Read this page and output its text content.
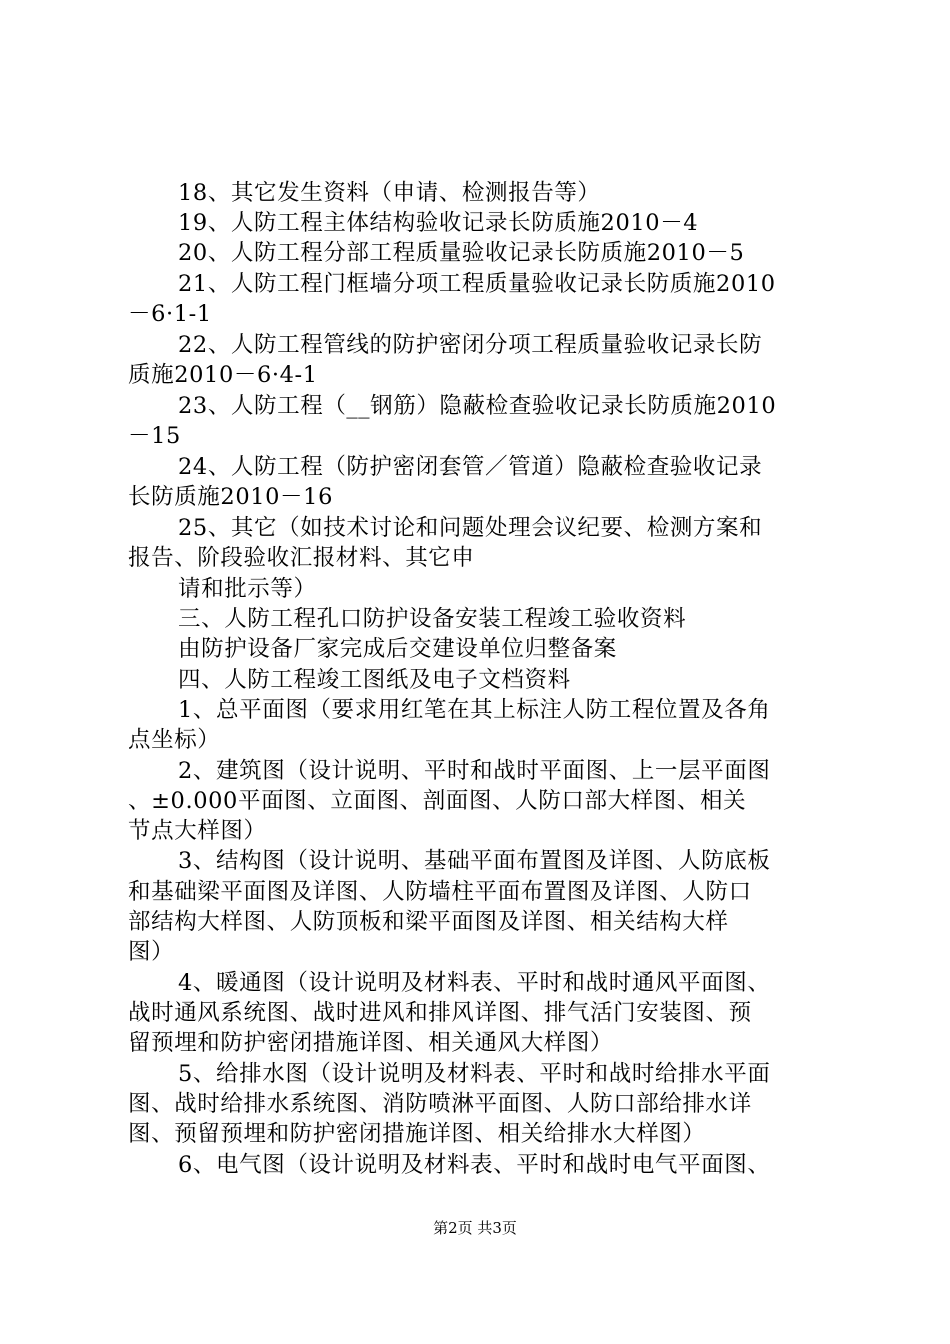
18、其它发生资料（申请、检测报告等）
19、人防工程主体结构验收记录长防质施2010－4
20、人防工程分部工程质量验收记录长防质施2010－5
21、人防工程门框墙分项工程质量验收记录长防质施2010
－6·1-1
22、人防工程管线的防护密闭分项工程质量验收记录长防
质施2010－6·4-1
23、人防工程（__钢筋）隐蔽检查验收记录长防质施2010
－15
24、人防工程（防护密闭套管／管道）隐蔽检查验收记录
长防质施2010－16
25、其它（如技术讨论和问题处理会议纪要、检测方案和
报告、阶段验收汇报材料、其它申
请和批示等）
三、人防工程孔口防护设备安装工程竣工验收资料
由防护设备厂家完成后交建设单位归整备案
四、人防工程竣工图纸及电子文档资料
1、总平面图（要求用红笔在其上标注人防工程位置及各角
点坐标）
2、建筑图（设计说明、平时和战时平面图、上一层平面图
、±0.000平面图、立面图、剖面图、人防口部大样图、相关
节点大样图）
3、结构图（设计说明、基础平面布置图及详图、人防底板
和基础梁平面图及详图、人防墙柱平面布置图及详图、人防口
部结构大样图、人防顶板和梁平面图及详图、相关结构大样
图）
4、暖通图（设计说明及材料表、平时和战时通风平面图、
战时通风系统图、战时进风和排风详图、排气活门安装图、预
留预埋和防护密闭措施详图、相关通风大样图）
5、给排水图（设计说明及材料表、平时和战时给排水平面
图、战时给排水系统图、消防喷淋平面图、人防口部给排水详
图、预留预埋和防护密闭措施详图、相关给排水大样图）
6、电气图（设计说明及材料表、平时和战时电气平面图、
第2页 共3页
